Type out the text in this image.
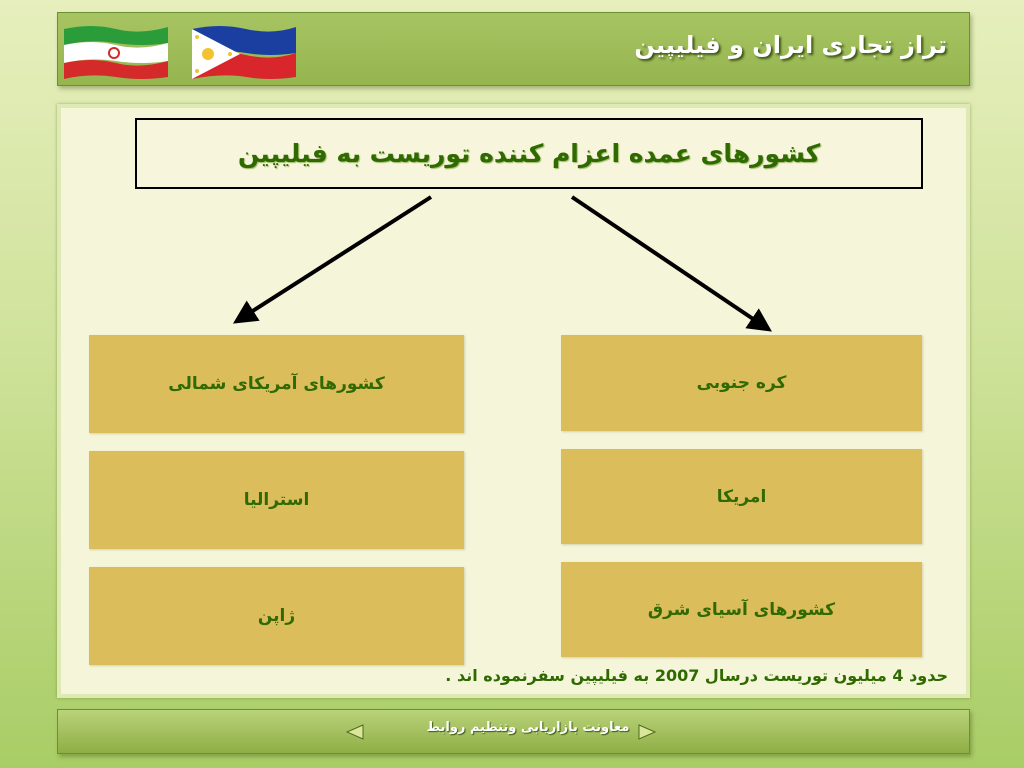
تراز تجاری ایران و فیلیپین
کشورهای عمده اعزام کننده توریست به فیلیپین
کشورهای آمریکای شمالی
استرالیا
ژاپن
کره جنوبی
امریکا
کشورهای آسیای شرق
حدود 4 میلیون توریست درسال 2007 به فیلیپین سفرنموده اند .
معاونت بازاریابی وتنظیم روابط
